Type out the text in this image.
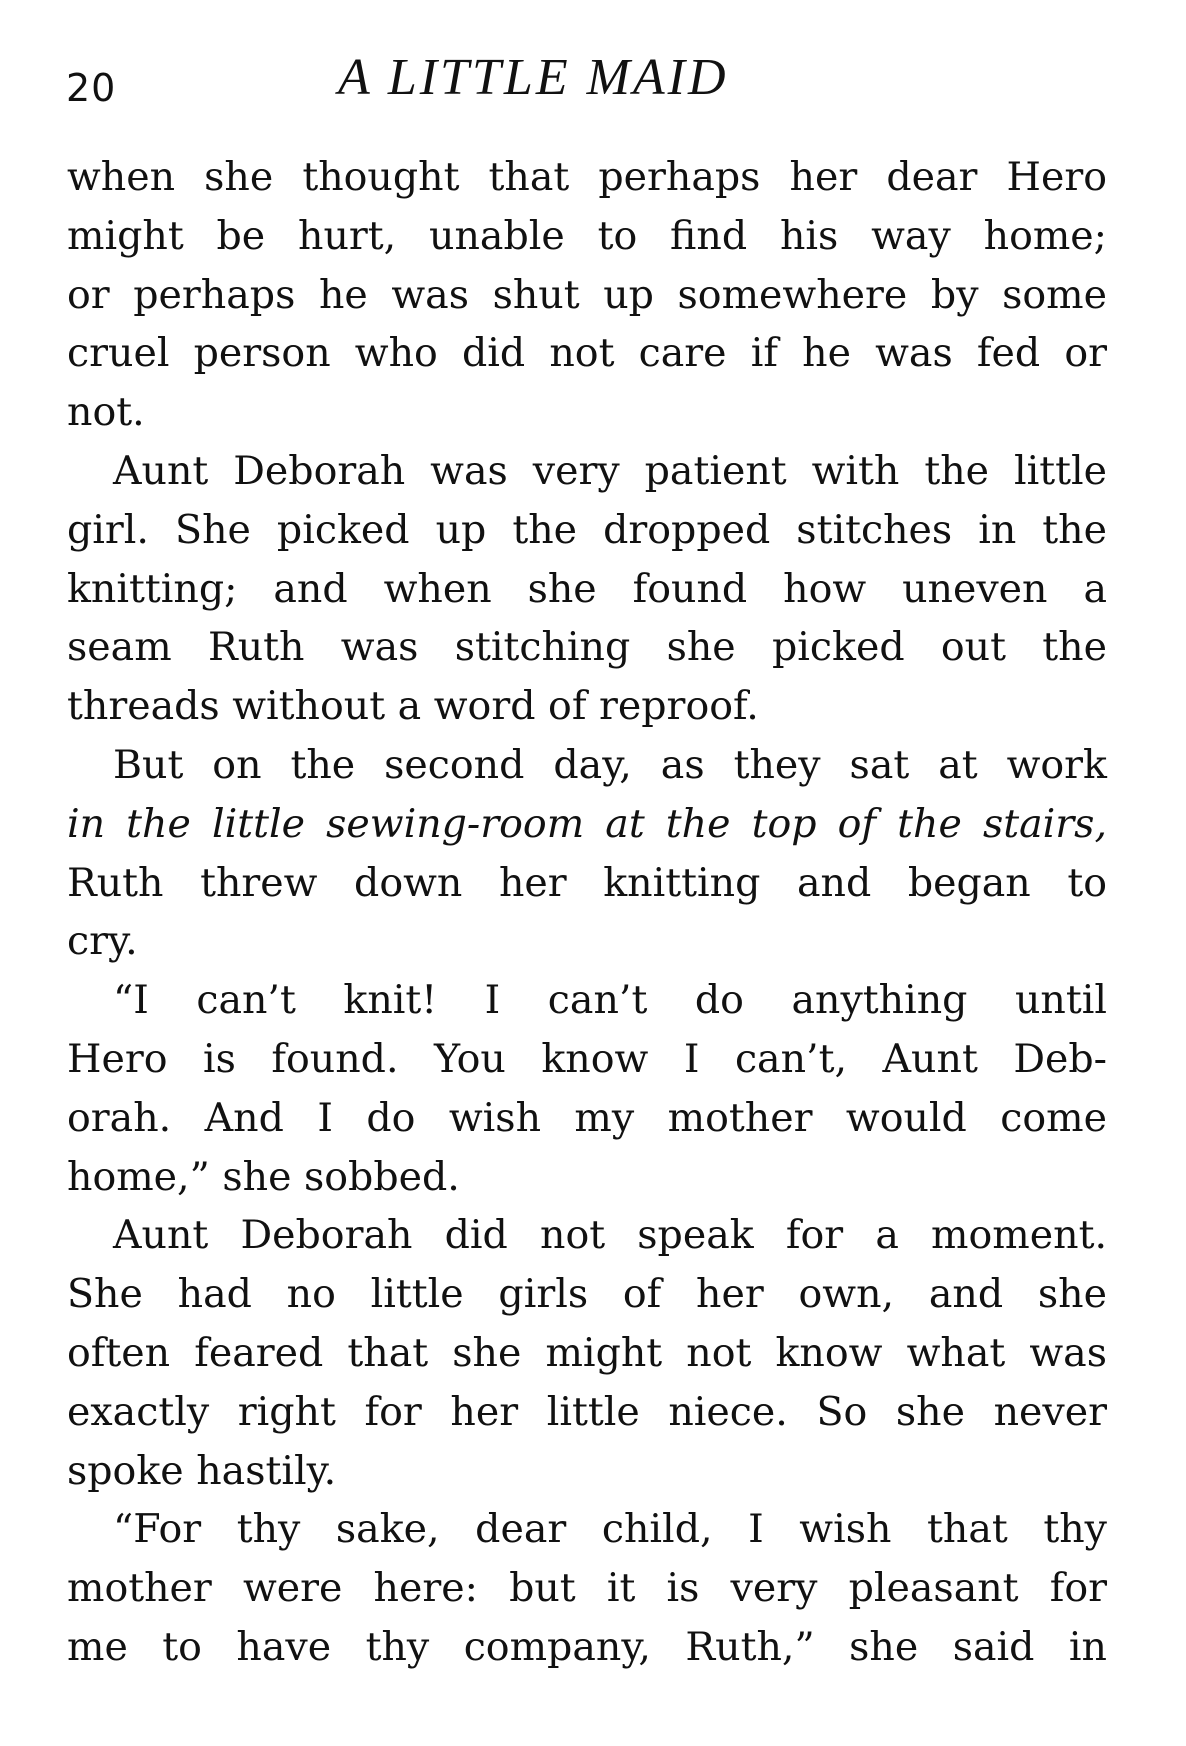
20	A LITTLE MAID

when she thought that perhaps her dear Hero
might be hurt, unable to find his way home;
or perhaps he was shut up somewhere by some
cruel person who did not care if he was fed or
not.

Aunt Deborah was very patient with the little
girl. She picked up the dropped stitches in the
knitting; and when she found how uneven a
seam Ruth was stitching she picked out the
threads without a word of reproof.

But on the second day, as they sat at work
in the little sewing-room at the top of the stairs,
Ruth threw down her knitting and began to
cry.

“I can’t knit! I can’t do anything until
Hero is found. You know I can’t, Aunt Deb-
orah. And I do wish my mother would come
home,” she sobbed.

Aunt Deborah did not speak for a moment.
She had no little girls of her own, and she
often feared that she might not know what was
exactly right for her little niece. So she never
spoke hastily.

“For thy sake, dear child, I wish that thy
mother were here: but it is very pleasant for
me to have thy company, Ruth,” she said in
